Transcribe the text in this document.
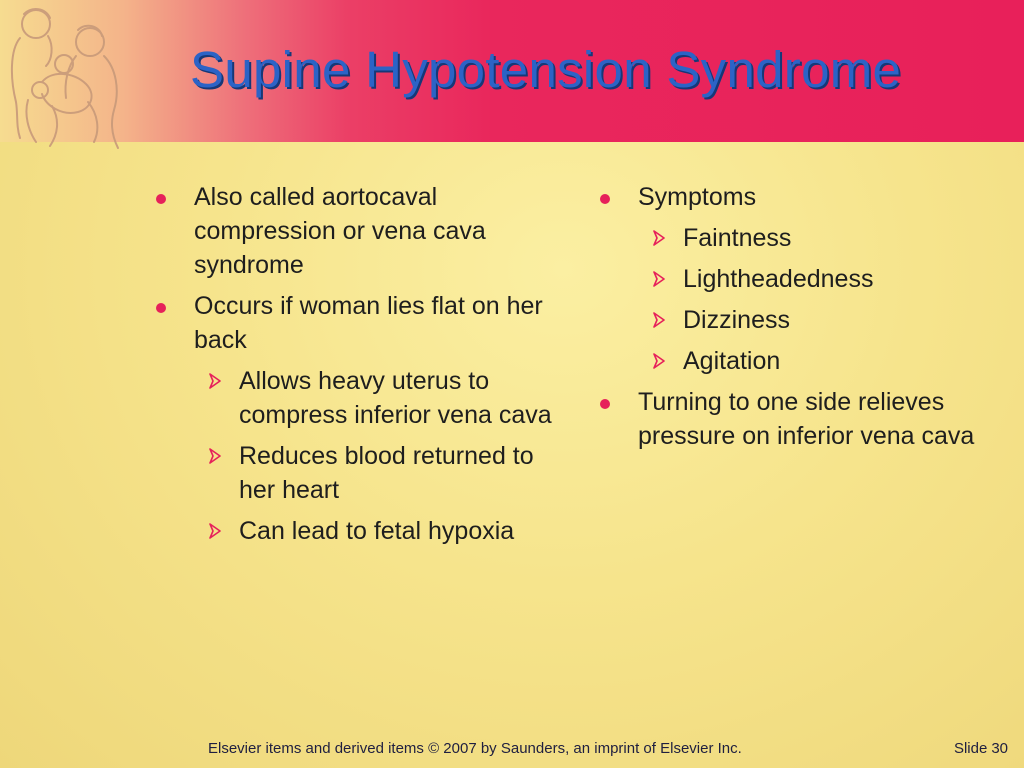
Supine Hypotension Syndrome
Also called aortocaval compression or vena cava syndrome
Occurs if woman lies flat on her back
Allows heavy uterus to compress inferior vena cava
Reduces blood returned to her heart
Can lead to fetal hypoxia
Symptoms
Faintness
Lightheadedness
Dizziness
Agitation
Turning to one side relieves pressure on inferior vena cava
Elsevier items and derived items © 2007 by Saunders, an imprint of Elsevier Inc.	Slide 30
